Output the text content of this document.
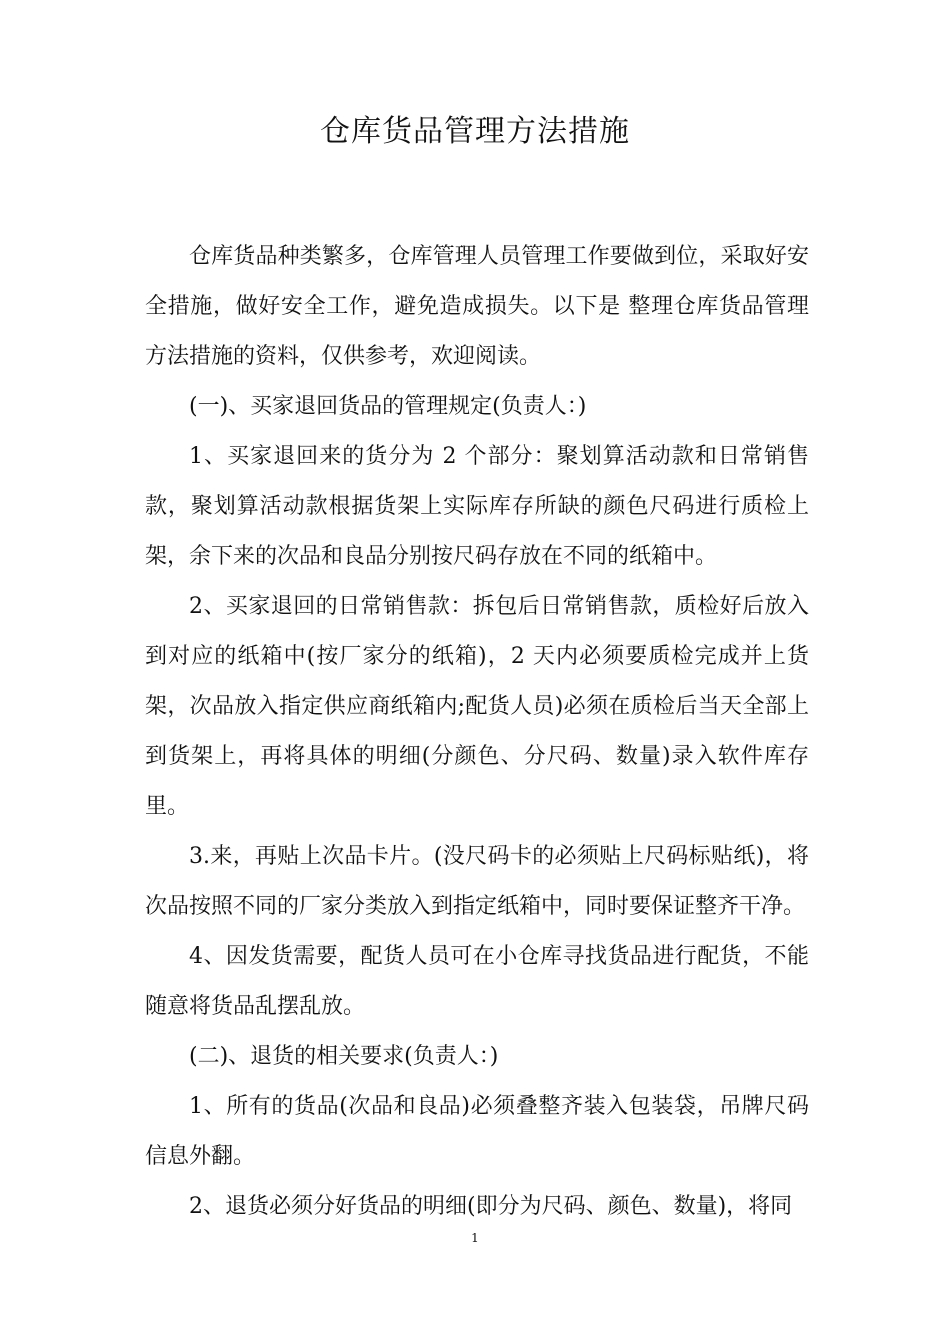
仓库货品管理方法措施

仓库货品种类繁多，仓库管理人员管理工作要做到位，采取好安全措施，做好安全工作，避免造成损失。以下是 整理仓库货品管理方法措施的资料，仅供参考，欢迎阅读。

(一)、买家退回货品的管理规定(负责人：)

1、买家退回来的货分为 2 个部分：聚划算活动款和日常销售款，聚划算活动款根据货架上实际库存所缺的颜色尺码进行质检上架，余下来的次品和良品分别按尺码存放在不同的纸箱中。

2、买家退回的日常销售款：拆包后日常销售款，质检好后放入到对应的纸箱中(按厂家分的纸箱)，2 天内必须要质检完成并上货架，次品放入指定供应商纸箱内;配货人员)必须在质检后当天全部上到货架上，再将具体的明细(分颜色、分尺码、数量)录入软件库存里。

3.来，再贴上次品卡片。(没尺码卡的必须贴上尺码标贴纸)，将次品按照不同的厂家分类放入到指定纸箱中，同时要保证整齐干净。

4、因发货需要，配货人员可在小仓库寻找货品进行配货，不能随意将货品乱摆乱放。

(二)、退货的相关要求(负责人：)

1、所有的货品(次品和良品)必须叠整齐装入包装袋，吊牌尺码信息外翻。

2、退货必须分好货品的明细(即分为尺码、颜色、数量)，将同

1
